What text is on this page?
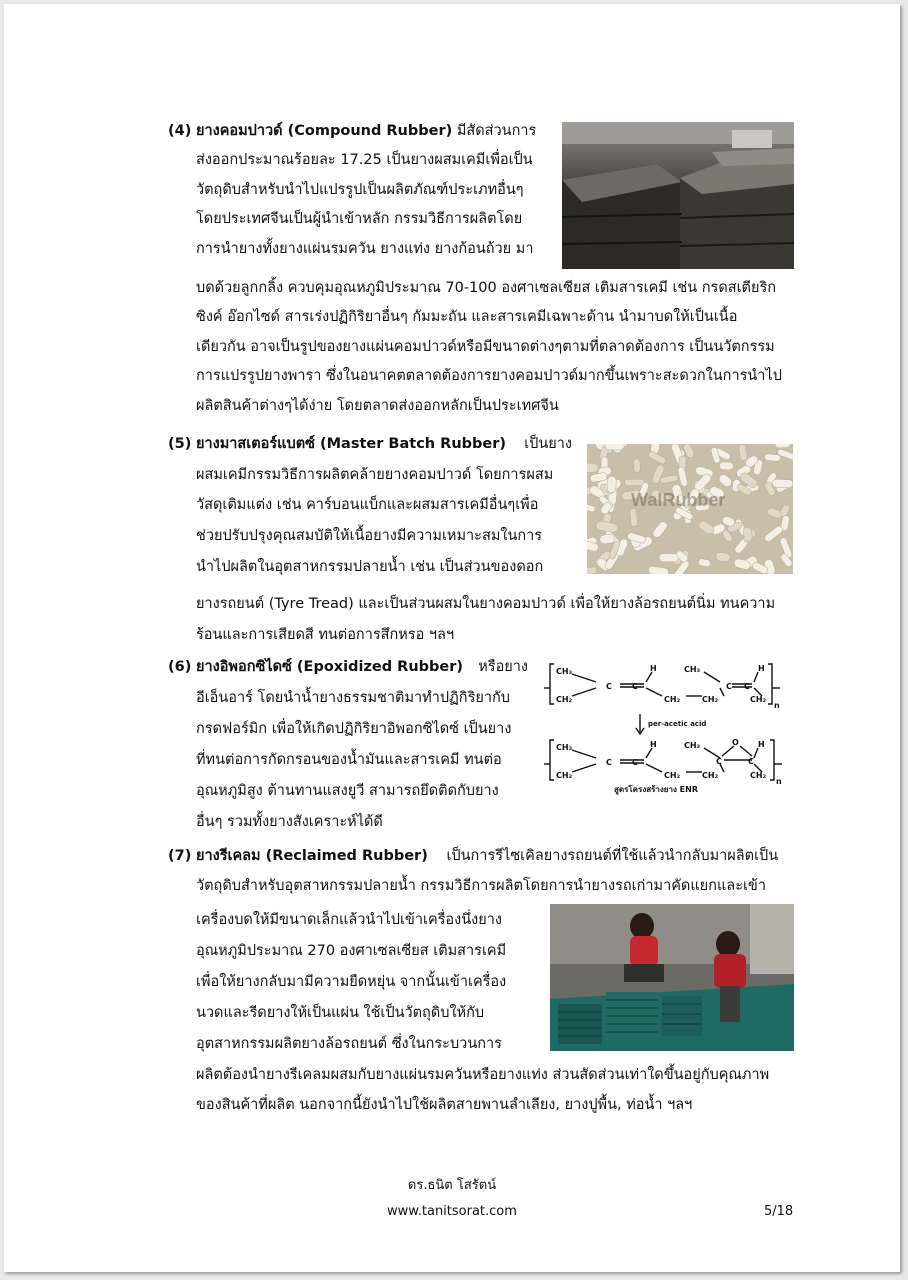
(4) ยางคอมปาวด์ (Compound Rubber) มีสัดส่วนการ
ส่งออกประมาณร้อยละ 17.25 เป็นยางผสมเคมีเพื่อเป็น
วัตถุดิบสำหรับนำไปแปรรูปเป็นผลิตภัณฑ์ประเภทอื่นๆ
โดยประเทศจีนเป็นผู้นำเข้าหลัก กรรมวิธีการผลิตโดย
การนำยางทั้งยางแผ่นรมควัน ยางแท่ง ยางก้อนถ้วย มา
บดด้วยลูกกลิ้ง ควบคุมอุณหภูมิประมาณ 70-100 องศาเซลเซียส เติมสารเคมี เช่น กรดสเตียริก
ซิงค์ อ๊อกไซด์ สารเร่งปฏิกิริยาอื่นๆ กัมมะถัน และสารเคมีเฉพาะด้าน นำมาบดให้เป็นเนื้อ
เดียวกัน อาจเป็นรูปของยางแผ่นคอมปาวด์หรือมีขนาดต่างๆตามที่ตลาดต้องการ เป็นนวัตกรรม
การแปรรูปยางพารา ซึ่งในอนาคตตลาดต้องการยางคอมปาวด์มากขึ้นเพราะสะดวกในการนำไป
ผลิตสินค้าต่างๆได้ง่าย โดยตลาดส่งออกหลักเป็นประเทศจีน
(5) ยางมาสเตอร์แบตซ์ (Master Batch Rubber) เป็นยาง
ผสมเคมีกรรมวิธีการผลิตคล้ายยางคอมปาวด์ โดยการผสม
วัสดุเติมแต่ง เช่น คาร์บอนแบ็กและผสมสารเคมีอื่นๆเพื่อ
ช่วยปรับปรุงคุณสมบัติให้เนื้อยางมีความเหมาะสมในการ
นำไปผลิตในอุตสาหกรรมปลายน้ำ เช่น เป็นส่วนของดอก
ยางรถยนต์ (Tyre Tread) และเป็นส่วนผสมในยางคอมปาวด์ เพื่อให้ยางล้อรถยนต์นิ่ม ทนความ
ร้อนและการเสียดสี ทนต่อการสึกหรอ ฯลฯ
WalRubber
(6) ยางอิพอกซิไดซ์ (Epoxidized Rubber) หรือยาง
อีเอ็นอาร์ โดยนำน้ำยางธรรมชาติมาทำปฏิกิริยากับ
กรดฟอร์มิก เพื่อให้เกิดปฏิกิริยาอิพอกซิไดซ์ เป็นยาง
ที่ทนต่อการกัดกรอนของน้ำมันและสารเคมี ทนต่อ
อุณหภูมิสูง ต้านทานแสงยูวี สามารถยึดติดกับยาง
อื่นๆ รวมทั้งยางสังเคราะห์ได้ดี
CH₃
CH₂
C	C
H
CH₂
CH₃
CH₂
C C
H
CH₂
n
per-acetic acid
CH₃
CH₂
C	C
H
CH₂
CH₃
CH₂
O
C	C
H
CH₂
n
สูตรโครงสร้างยาง ENR
(7) ยางรีเคลม (Reclaimed Rubber) เป็นการรีไซเคิลยางรถยนต์ที่ใช้แล้วนำกลับมาผลิตเป็น
วัตถุดิบสำหรับอุตสาหกรรมปลายน้ำ กรรมวิธีการผลิตโดยการนำยางรถเก่ามาคัดแยกและเข้า
เครื่องบดให้มีขนาดเล็กแล้วนำไปเข้าเครื่องนึ่งยาง
อุณหภูมิประมาณ 270 องศาเซลเซียส เติมสารเคมี
เพื่อให้ยางกลับมามีความยืดหยุ่น จากนั้นเข้าเครื่อง
นวดและรีดยางให้เป็นแผ่น ใช้เป็นวัตถุดิบให้กับ
อุตสาหกรรมผลิตยางล้อรถยนต์ ซึ่งในกระบวนการ
ผลิตต้องนำยางรีเคลมผสมกับยางแผ่นรมควันหรือยางแท่ง ส่วนสัดส่วนเท่าใดขึ้นอยู่กับคุณภาพ
ของสินค้าที่ผลิต นอกจากนี้ยังนำไปใช้ผลิตสายพานลำเลียง, ยางปูพื้น, ท่อน้ำ ฯลฯ
ดร.ธนิต โสรัตน์
www.tanitsorat.com	5/18
